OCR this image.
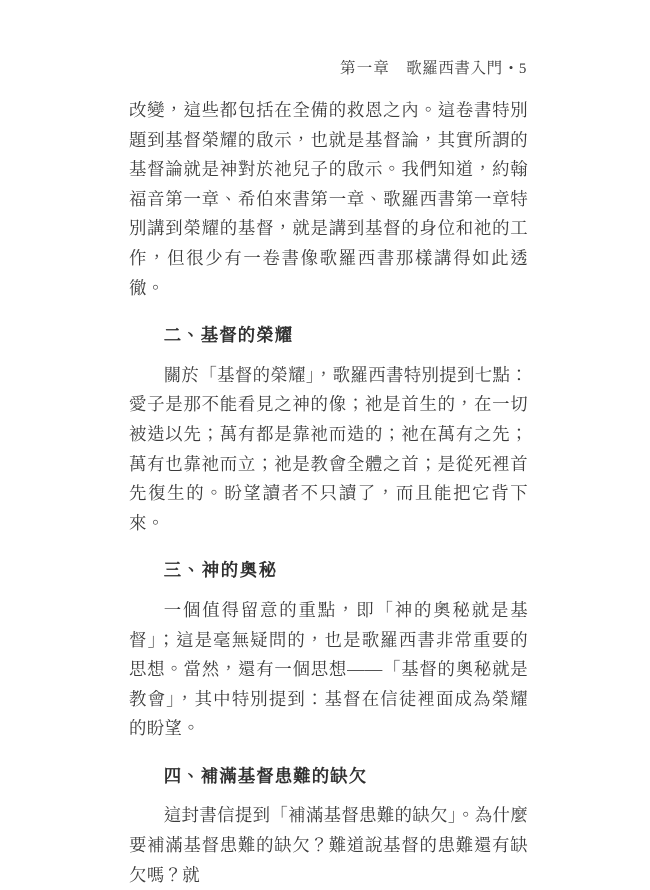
第一章 歌羅西書入門 • 5

改變，這些都包括在全備的救恩之內。這卷書特別題到基督榮耀的啟示，也就是基督論，其實所謂的基督論就是神對於祂兒子的啟示。我們知道，約翰福音第一章、希伯來書第一章、歌羅西書第一章特別講到榮耀的基督，就是講到基督的身位和祂的工作，但很少有一卷書像歌羅西書那樣講得如此透徹。

二、基督的榮耀

關於「基督的榮耀」，歌羅西書特別提到七點：愛子是那不能看見之神的像；祂是首生的，在一切被造以先；萬有都是靠祂而造的；祂在萬有之先；萬有也靠祂而立；祂是教會全體之首；是從死裡首先復生的。盼望讀者不只讀了，而且能把它背下來。

三、神的奧秘

一個值得留意的重點，即「神的奧秘就是基督」；這是毫無疑問的，也是歌羅西書非常重要的思想。當然，還有一個思想——「基督的奧秘就是教會」，其中特別提到：基督在信徒裡面成為榮耀的盼望。

四、補滿基督患難的缺欠

這封書信提到「補滿基督患難的缺欠」。為什麼要補滿基督患難的缺欠？難道說基督的患難還有缺欠嗎？就
